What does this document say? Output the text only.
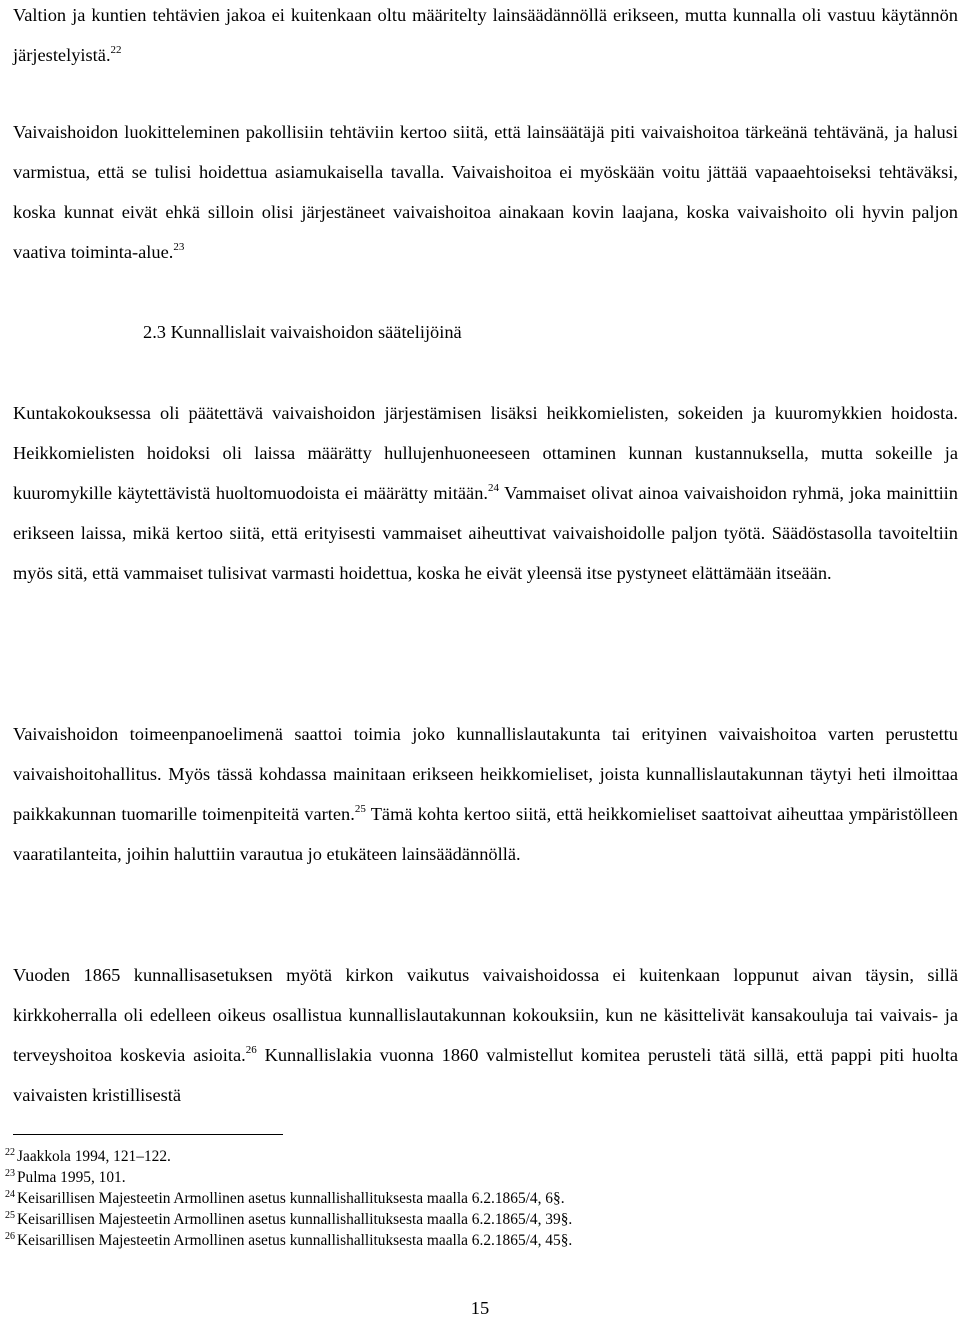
Valtion ja kuntien tehtävien jakoa ei kuitenkaan oltu määritelty lainsäädännöllä erikseen, mutta kunnalla oli vastuu käytännön järjestelyistä.$^{22}$

Vaivaishoidon luokitteleminen pakollisiin tehtäviin kertoo siitä, että lainsäätäjä piti vaivaishoitoa tärkeänä tehtävänä, ja halusi varmistua, että se tulisi hoidettua asiamukaisella tavalla. Vaivaishoitoa ei myöskään voitu jättää vapaaehtoiseksi tehtäväksi, koska kunnat eivät ehkä silloin olisi järjestäneet vaivaishoitoa ainakaan kovin laajana, koska vaivaishoito oli hyvin paljon vaativa toiminta-alue.$^{23}$

2.3 Kunnallislait vaivaishoidon säätelijöinä

Kuntakokouksessa oli päätettävä vaivaishoidon järjestämisen lisäksi heikkomielisten, sokeiden ja kuuromykkien hoidosta. Heikkomielisten hoidoksi oli laissa määrätty hullujenhuoneeseen ottaminen kunnan kustannuksella, mutta sokeille ja kuuromykille käytettävistä huoltomuodoista ei määrätty mitään.$^{24}$ Vammaiset olivat ainoa vaivaishoidon ryhmä, joka mainittiin erikseen laissa, mikä kertoo siitä, että erityisesti vammaiset aiheuttivat vaivaishoidolle paljon työtä. Säädöstasolla tavoiteltiin myös sitä, että vammaiset tulisivat varmasti hoidettua, koska he eivät yleensä itse pystyneet elättämään itseään.

Vaivaishoidon toimeenpanoelimenä saattoi toimia joko kunnallislautakunta tai erityinen vaivaishoitoa varten perustettu vaivaishoitohallitus. Myös tässä kohdassa mainitaan erikseen heikkomieliset, joista kunnallislautakunnan täytyi heti ilmoittaa paikkakunnan tuomarille toimenpiteitä varten.$^{25}$ Tämä kohta kertoo siitä, että heikkomieliset saattoivat aiheuttaa ympäristölleen vaaratilanteita, joihin haluttiin varautua jo etukäteen lainsäädännöllä.

Vuoden 1865 kunnallisasetuksen myötä kirkon vaikutus vaivaishoidossa ei kuitenkaan loppunut aivan täysin, sillä kirkkoherralla oli edelleen oikeus osallistua kunnallislautakunnan kokouksiin, kun ne käsittelivät kansakouluja tai vaivais- ja terveyshoitoa koskevia asioita.$^{26}$ Kunnallislakia vuonna 1860 valmistellut komitea perusteli tätä sillä, että pappi piti huolta vaivaisten kristillisestä

$^{22}$ Jaakkola 1994, 121–122.

$^{23}$ Pulma 1995, 101.

$^{24}$ Keisarillisen Majesteetin Armollinen asetus kunnallishallituksesta maalla 6.2.1865/4, 6§.

$^{25}$ Keisarillisen Majesteetin Armollinen asetus kunnallishallituksesta maalla 6.2.1865/4, 39§.

$^{26}$ Keisarillisen Majesteetin Armollinen asetus kunnallishallituksesta maalla 6.2.1865/4, 45§.

15
